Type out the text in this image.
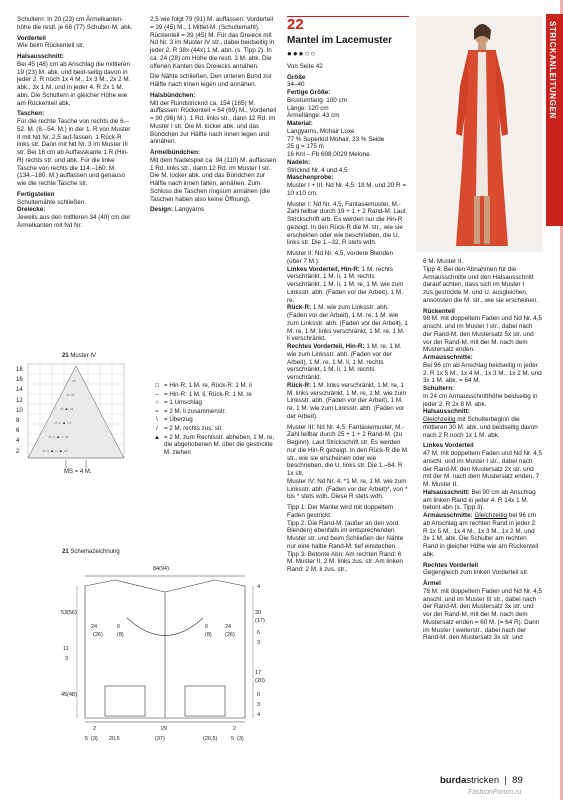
STRICKANLEITUNGEN

Schultern: In 20 (23) cm Ärmelkanten-höhe die restl. je 68 (77) Schulter-M. abk.

Vorderteil

Wie beim Rückenteil str.

Halsausschnitt:

Bei 45 (48) cm ab Anschlag die mittleren 19 (23) M. abk. und beid-seitig davon in jeder 2. R noch 1x 4 M., 1x 3 M., 2x 2 M. abk., 3x 1 M. und in jeder 4. R 2x 1 M. abn. Die Schultern in gleicher Höhe wie am Rückenteil abk.

Taschen:

Für die rechte Tasche von rechts die 6.–52. M. (8.–54. M.) in der 1. R von Muster II mit Nd Nr. 2,5 auf-fassen. 1 Rück-R links str. Dann mit Nd Nr. 3 im Muster III str. Bei 16 cm ab Auffasskante 1 R (Hin-R) rechts str. und abk. Für die linke Tasche von rechts die 114.–160. M. (134.–180. M.) auffassen und genauso wie die rechte Tasche str.

Fertigstellen
Schultemähte schließen.
Dreiecke:
Jeweils aus den mittleren 34 (40) cm der Ärmelkanten mit Nd Nr.

2,5 wie folgt 79 (91) M. auffassen: Vorderteil = 39 (45) M., 1 Mittel-M. (Schultemaht), Rückenteil = 39 (45) M. Für das Dreieck mit Nd Nr. 3 im Muster IV str., dabei beidseitig in jeder 2. R 38x (44x) 1 M. abn. (s. Tipp 2). In ca. 24 (28) cm Höhe die restl. 3 M. abk. Die offenen Kanten des Dreiecks annähen.

Die Nähte schließen. Den unteren Bund zur Hälfte nach innen legen und annähen.

Halsbündchen:

Mit der Rundstricknd ca. 154 (165) M. auffassen: Rückenteil = 64 (69) M., Vorderteil = 90 (96) M.). 1 Rd. links str., dann 12 Rd. im Muster I str. Die M. locker abk. und das Bündchen zur Hälfte nach innen legen und annähen.

Ärmelbündchen:

Mit dem Nadelspiel ca. 94 (110) M. auffassen. 1 Rd. links str., dann 12 Rd. im Muster I str. Die M. locker abk. und das Bündchen zur Hälfte nach innen falten, annähen. Zum Schluss die Taschen ringsum annähen (die Taschen haben also keine Öffnung).

Design: Langyarns
22
Mantel im Lacemuster
●●●○○

Von Seite 42

Größe
34–40
Fertige Größe:
Brustumfang: 100 cm
Länge: 120 cm
Ärmellänge: 43 cm
Material:
Langyarns, Mohair Luxe
77 % Superkid Mohair, 23 % Seide
25 g = 175 m
16 Knl – Fb 698.0029 Melone.
Nadeln:
Stricknd Nr. 4 und 4,5
Maschenprobe:

Muster I + III, Nd Nr. 4,5: 19 M. und 20 R = 10 x10 cm.

Muster I: Nd Nr. 4,5, Fantasiemuster, M.-Zahl teilbar durch 19 + 1 + 2 Rand-M. Laut Strickschrift arb. Es werden nur die Hin-R gezeigt. In den Rück-R die M. str., wie sie erscheinen oder wie beschrieben, die U. links str. Die 1.–32. R stets wdh.

Muster II: Nd Nr. 4,5, vordere Blenden (über 7 M.):
Linkes Vorderteil, Hin-R: 1 M. rechts verschränkt, 1 M. li, 1 M. rechts verschränkt, 1 M. li, 1 M. re, 1 M. wie zum Linksstr. abh. (Faden vor der Arbeit), 1 M. re.
Rück-R: 1 M. wie zum Linksstr. abh. (Faden vor der Arbeit), 1 M. re, 1 M. wie zum Linksstr. abh. (Faden vor der Arbeit), 1 M. re, 1 M. links verschränkt, 1 M. re, 1 M. li verschränkt.
Rechtes Vorderteil, Hin-R: 1 M. re, 1 M. wie zum Linksstr. abh. (Faden vor der Arbeit), 1 M. re, 1 M. li, 1 M. rechts verschränkt, 1 M. li, 1 M. rechts verschränkt.

Rück-R: 1 M. links verschränkt, 1 M. re, 1 M. links verschränkt, 1 M. re, 1 M. wie zum Linksstr. abh. (Faden vor der Arbeit), 1 M. re, 1 M. wie zum Linksstr. abh. (Faden vor der Arbeit).

Muster III: Nd Nr. 4,5: Fantasiemuster, M.-Zahl teilbar durch 25 + 1 + 2 Rand-M. (zu Beginn). Laut Strickschrift str. Es werden nur die Hin-R gezeigt. In den Rück-R die M. str., wie sie erscheinen oder wie beschrieben, die U. links str. Die 1.–64. R 1x str.

Muster IV: Nd Nr. 4: *1 M. re, 1 M. wie zum Linksstr. abh. (Faden vor der Arbeit)*, von * bis * stets wdh. Diese R stets wdh.

Tipp 1: Der Mantel wird mit doppeltem Faden gestrickt.
Tipp 2: Die Rand-M. (außer an den vord. Blenden) ebenfalls im entsprechenden Muster str. und beim Schließen der Nähte nur eine halbe Rand-M. tief einstechen.
Tipp 3: Betonte Abn: Am rechten Rand: 6 M. Muster II, 2 M. links zus. str. Am linken Rand: 2 M. li zus. str.,
6 M. Muster II.

Tipp 4: Bei den Abnahmen für die Armausschnitte und den Halsausschnitt darauf achten, dass sich im Muster I zus.gestrickte M. und U. ausgleichen, ansonsten die M. str., wie sie erscheinen.

Rückenteil
98 M. mit doppeltem Faden und Nd Nr. 4,5 anschl. und im Muster I str., dabei nach der Rand-M. den Mustersatz 5x str. und vor der Rand-M. mit der M. nach dem Mustersatz enden.
Armausschnitte:
Bei 96 cm ab Anschlag beidseitig in jeder 2. R 1x 5 M., 1x 4 M., 1x 3 M., 1x 2 M. und 3x 1 M. abk. = 64 M.
Schultern:
In 24 cm Armausschnitthöhe beidseitig in jeder 2. R 2x 8 M. abk.
Halsausschnitt:

Gleichzeitig mit Schulterbeginn die mittleren 30 M. abk. und beidseitig davon nach 2 R noch 1x 1 M. abk.

Linkes Vorderteil
47 M. mit doppeltem Faden und Nd Nr. 4,5 anschl. und im Muster I str., dabei nach der Rand-M. den Mustersatz 2x str. und mit der M. nach dem Mustersatz enden, 7 M. Muster II.
Halsausschnitt: Bei 90 cm ab Anschlag am linken Rand in jeder 4. R 14x 1 M. betont abn (s. Tipp 3).

Armausschnitte: Gleichzeitig bei 96 cm ab Anschlag am rechten Rand in jeder 2. R 1x 5 M., 1x 4 M., 1x 3 M., 1x 2 M. und 3x 1 M. abk. Die Schulter am rechten Rand in gleicher Höhe wie am Rückenteil abk.

Rechtes Vorderteil

Gegengleich zum linken Vorderteil str.

Ärmel
78 M. mit doppeltem Faden und Nd Nr. 4,5 anschl. und im Muster III str., dabei nach der Rand-M. den Mustersatz 3x str. und vor der Rand-M. mit der M. nach dem Mustersatz enden = 60 M. (= 64 R). Dann im Muster I weiterstr., dabei nach der Rand-M. den Mustersatz 3x str. und
21 Muster IV
18
16
14
12
10
8
6
4
2
○/
○\ ○/
○\ ▲ ○/
○\ ○ ▲ ○/
○\ ○ ▲ ○ ○/
○\ ○ ▲ ○ ▲ ○/
MS = 4 M.
□ = Hin-R: 1 M. re, Rück-R: 1 M. li
– = Hin-R: 1 M. li, Rück-R: 1 M. re
○ = 1 Umschlag
≈ = 2 M. li zusammenstr.
\ = Überzug
/ = 2 M. rechts zus. str.
▲ = 2 M. zum Rechtsstr. abheben, 1 M. re, die abgehobenen M. über die gestrickte M. ziehen
21 Schemazeichnung
84(94)
24
(26)
6
(8)
6
(8)
24
(26)
53 (56)
11
3
45 (48)
4
20
(17)
6
3
17
(20)
6
3
4
2	29	2
5 (3) 20,5	(37)	(20,5) 5 (3)
burdastricken  |  89
FashionForum.ru
